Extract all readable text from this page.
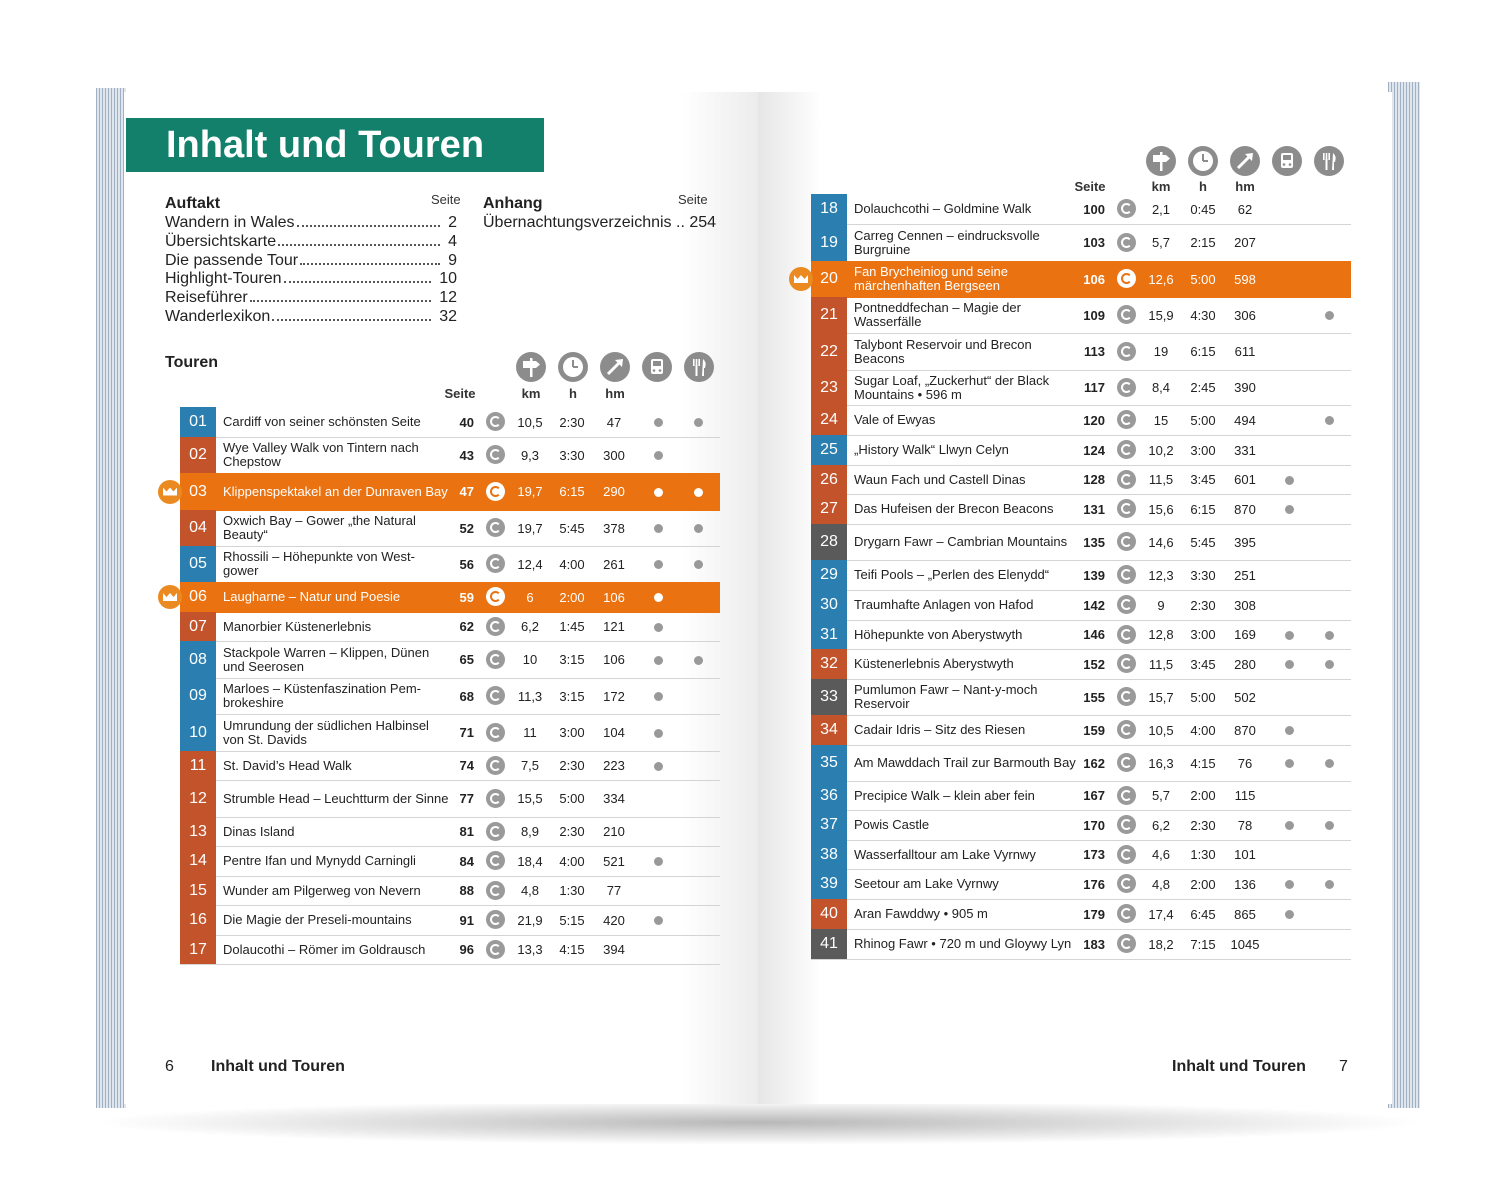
Inhalt und Touren
Auftakt	Seite
Wandern in Wales	2
Übersichtskarte	4
Die passende Tour	9
Highlight-Touren	10
Reiseführer	12
Wanderlexikon	32
Anhang	Seite
Übernachtungsverzeichnis .. 254
Touren
Seite	km	h	hm
Seite	km	h	hm
01	Cardiff von seiner schönsten Seite	40	10,5	2:30	47
02	Wye Valley Walk von Tintern nach Chepstow	43	9,3	3:30	300
03	Klippenspektakel an der Dunraven Bay 47	19,7	6:15	290
04	Oxwich Bay – Gower „the Natural Beauty“	52	19,7	5:45	378
05	Rhossili – Höhepunkte von West-gower	56	12,4	4:00	261
06	Laugharne – Natur und Poesie	59	6	2:00	106
07	Manorbier Küstenerlebnis	62	6,2	1:45	121
08	Stackpole Warren – Klippen, Dünen und Seerosen	65	10	3:15	106
09	Marloes – Küstenfaszination Pem-brokeshire	68	11,3	3:15	172
10	Umrundung der südlichen Halbinsel von St. Davids	71	11	3:00	104
11	St. David’s Head Walk	74	7,5	2:30	223
12	Strumble Head – Leuchtturm der Sinne 77	15,5	5:00	334
13	Dinas Island	81	8,9	2:30	210
14	Pentre Ifan und Mynydd Carningli	84	18,4	4:00	521
15	Wunder am Pilgerweg von Nevern	88	4,8	1:30	77
16	Die Magie der Preseli-mountains	91	21,9	5:15	420
17	Dolaucothi – Römer im Goldrausch	96	13,3	4:15	394
18	Dolauchcothi – Goldmine Walk	100	2,1	0:45	62
19	Carreg Cennen – eindrucksvolle Burgruine	103	5,7	2:15	207
20	Fan Brycheiniog und seine märchenhaften Bergseen	106	12,6	5:00	598
21	Pontneddfechan – Magie der Wasserfälle	109	15,9	4:30	306
22	Talybont Reservoir und Brecon Beacons	113	19	6:15	611
23	Sugar Loaf, „Zuckerhut“ der Black Mountains • 596 m	117	8,4	2:45	390
24	Vale of Ewyas	120	15	5:00	494
25	„History Walk“ Llwyn Celyn	124	10,2	3:00	331
26	Waun Fach und Castell Dinas	128	11,5	3:45	601
27	Das Hufeisen der Brecon Beacons	131	15,6	6:15	870
28	Drygarn Fawr – Cambrian Mountains	135	14,6	5:45	395
29	Teifi Pools – „Perlen des Elenydd“	139	12,3	3:30	251
30	Traumhafte Anlagen von Hafod	142	9	2:30	308
31	Höhepunkte von Aberystwyth	146	12,8	3:00	169
32	Küstenerlebnis Aberystwyth	152	11,5	3:45	280
33	Pumlumon Fawr – Nant-y-moch Reservoir	155	15,7	5:00	502
34	Cadair Idris – Sitz des Riesen	159	10,5	4:00	870
35	Am Mawddach Trail zur Barmouth Bay 162	16,3	4:15	76
36	Precipice Walk – klein aber fein	167	5,7	2:00	115
37	Powis Castle	170	6,2	2:30	78
38	Wasserfalltour am Lake Vyrnwy	173	4,6	1:30	101
39	Seetour am Lake Vyrnwy	176	4,8	2:00	136
40	Aran Fawddwy • 905 m	179	17,4	6:45	865
41	Rhinog Fawr • 720 m und Gloywy Lyn 183	18,2	7:15	1045
6 Inhalt und Touren	Inhalt und Touren 7
